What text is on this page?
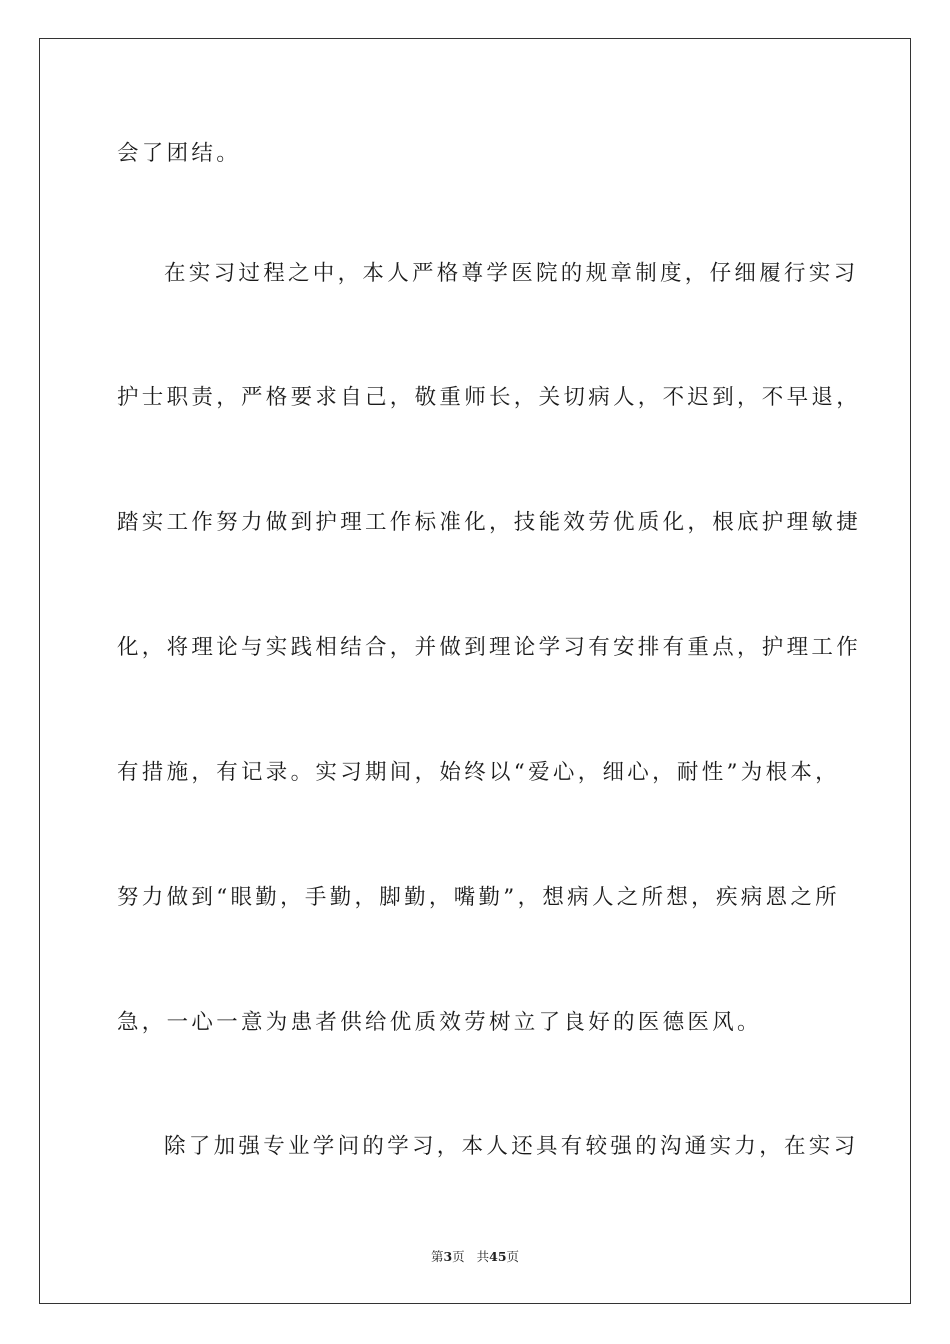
会了团结。
在实习过程之中，本人严格尊学医院的规章制度，仔细履行实习
护士职责，严格要求自己，敬重师长，关切病人，不迟到，不早退，
踏实工作努力做到护理工作标准化，技能效劳优质化，根底护理敏捷
化，将理论与实践相结合，并做到理论学习有安排有重点，护理工作
有措施，有记录。实习期间，始终以“爱心，细心，耐性”为根本，
努力做到“眼勤，手勤，脚勤，嘴勤”，想病人之所想，疾病恩之所
急，一心一意为患者供给优质效劳树立了良好的医德医风。
除了加强专业学问的学习，本人还具有较强的沟通实力，在实习
第3页 共45页
